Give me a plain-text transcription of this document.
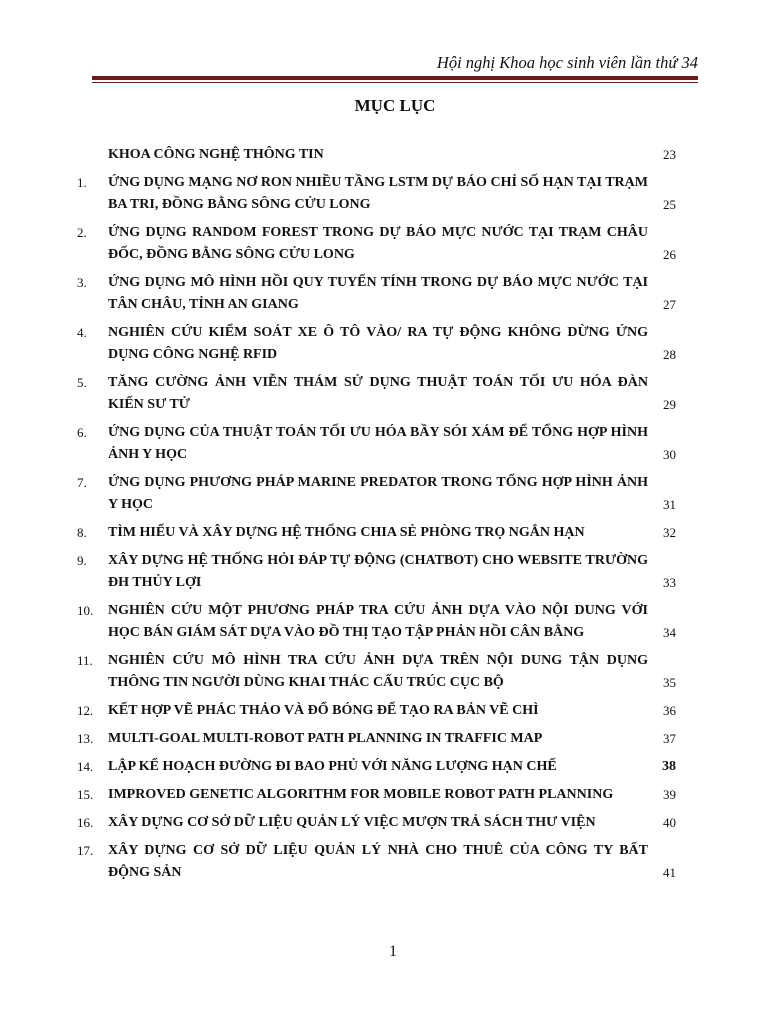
Hội nghị Khoa học sinh viên lần thứ 34
MỤC LỤC
KHOA CÔNG NGHỆ THÔNG TIN	23
1.	ỨNG DỤNG MẠNG NƠ RON NHIỀU TẦNG LSTM DỰ BÁO CHỈ SỐ HẠN TẠI TRẠM BA TRI, ĐỒNG BẰNG SÔNG CỬU LONG	25
2.	ỨNG DỤNG RANDOM FOREST TRONG DỰ BÁO MỰC NƯỚC TẠI TRẠM CHÂU ĐỐC, ĐỒNG BẰNG SÔNG CỬU LONG	26
3.	ỨNG DỤNG MÔ HÌNH HỒI QUY TUYẾN TÍNH TRONG DỰ BÁO MỰC NƯỚC TẠI TÂN CHÂU, TỈNH AN GIANG	27
4.	NGHIÊN CỨU KIỂM SOÁT XE Ô TÔ VÀO/ RA TỰ ĐỘNG KHÔNG DỪNG ỨNG DỤNG CÔNG NGHỆ RFID	28
5.	TĂNG CƯỜNG ẢNH VIỄN THÁM SỬ DỤNG THUẬT TOÁN TỐI ƯU HÓA ĐÀN KIẾN SƯ TỬ	29
6.	ỨNG DỤNG CỦA THUẬT TOÁN TỐI ƯU HÓA BẦY SÓI XÁM ĐỂ TỔNG HỢP HÌNH ẢNH Y HỌC	30
7.	ỨNG DỤNG PHƯƠNG PHÁP MARINE PREDATOR TRONG TỔNG HỢP HÌNH ẢNH Y HỌC	31
8.	TÌM HIỂU VÀ XÂY DỰNG HỆ THỐNG CHIA SẺ PHÒNG TRỌ NGẮN HẠN	32
9.	XÂY DỰNG HỆ THỐNG HỎI ĐÁP TỰ ĐỘNG (CHATBOT) CHO WEBSITE TRƯỜNG ĐH THỦY LỢI	33
10.	NGHIÊN CỨU MỘT PHƯƠNG PHÁP TRA CỨU ẢNH DỰA VÀO NỘI DUNG VỚI HỌC BÁN GIÁM SÁT DỰA VÀO ĐỒ THỊ TẠO TẬP PHẢN HỒI CÂN BẰNG	34
11.	NGHIÊN CỨU MÔ HÌNH TRA CỨU ẢNH DỰA TRÊN NỘI DUNG TẬN DỤNG THÔNG TIN NGƯỜI DÙNG KHAI THÁC CẤU TRÚC CỤC BỘ	35
12.	KẾT HỢP VẼ PHÁC THẢO VÀ ĐỔ BÓNG ĐỂ TẠO RA BẢN VẼ CHÌ	36
13.	MULTI-GOAL MULTI-ROBOT PATH PLANNING IN TRAFFIC MAP	37
14.	LẬP KẾ HOẠCH ĐƯỜNG ĐI BAO PHỦ VỚI NĂNG LƯỢNG HẠN CHẾ	38
15.	IMPROVED GENETIC ALGORITHM FOR MOBILE ROBOT PATH PLANNING	39
16.	XÂY DỰNG CƠ SỞ DỮ LIỆU QUẢN LÝ VIỆC MƯỢN TRẢ SÁCH THƯ VIỆN	40
17.	XÂY DỰNG CƠ SỞ DỮ LIỆU QUẢN LÝ NHÀ CHO THUÊ CỦA CÔNG TY BẤT ĐỘNG SẢN	41
1
